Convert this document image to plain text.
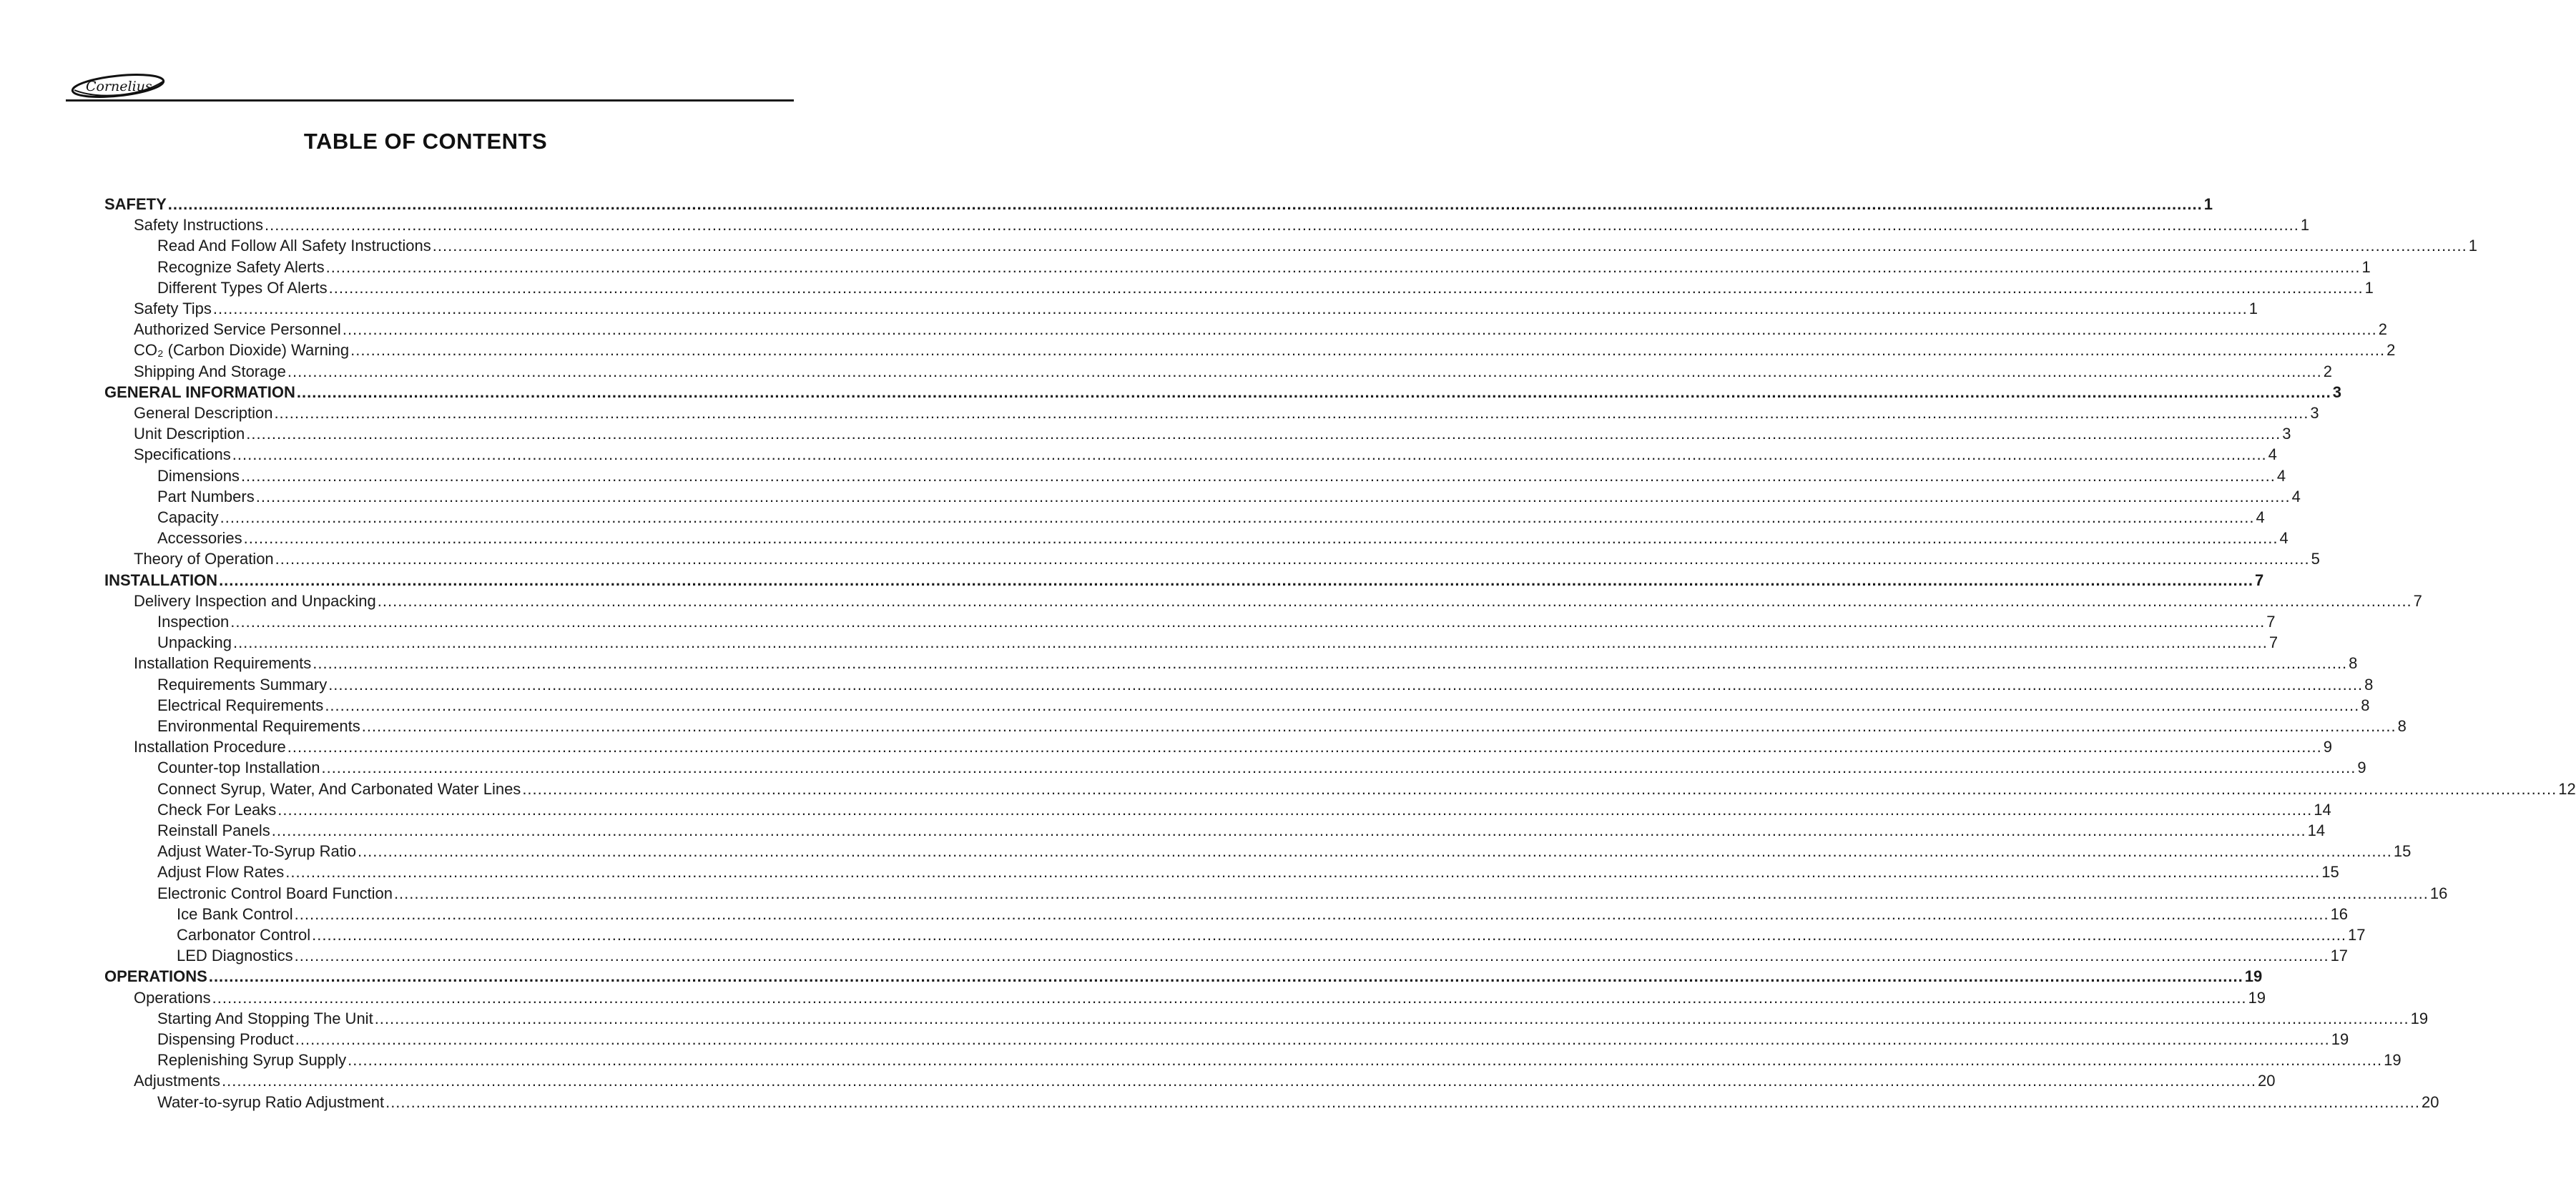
Cornelius
TABLE OF CONTENTS
SAFETY ................................................................................................................................................................................................................................................................................................................................................................................................................ 1
Safety Instructions ................................................................................................................................................................................................................................................................................................................................................................................................................ 1
Read And Follow All Safety Instructions ................................................................................................................................................................................................................................................................................................................................................................................................................ 1
Recognize Safety Alerts ................................................................................................................................................................................................................................................................................................................................................................................................................ 1
Different Types Of Alerts ................................................................................................................................................................................................................................................................................................................................................................................................................ 1
Safety Tips ................................................................................................................................................................................................................................................................................................................................................................................................................ 1
Authorized Service Personnel ................................................................................................................................................................................................................................................................................................................................................................................................................ 2
CO₂ (Carbon Dioxide) Warning ................................................................................................................................................................................................................................................................................................................................................................................................................ 2
Shipping And Storage ................................................................................................................................................................................................................................................................................................................................................................................................................ 2
GENERAL INFORMATION ................................................................................................................................................................................................................................................................................................................................................................................................................ 3
General Description ................................................................................................................................................................................................................................................................................................................................................................................................................ 3
Unit Description ................................................................................................................................................................................................................................................................................................................................................................................................................ 3
Specifications ................................................................................................................................................................................................................................................................................................................................................................................................................ 4
Dimensions ................................................................................................................................................................................................................................................................................................................................................................................................................ 4
Part Numbers ................................................................................................................................................................................................................................................................................................................................................................................................................ 4
Capacity ................................................................................................................................................................................................................................................................................................................................................................................................................ 4
Accessories ................................................................................................................................................................................................................................................................................................................................................................................................................ 4
Theory of Operation ................................................................................................................................................................................................................................................................................................................................................................................................................ 5
INSTALLATION ................................................................................................................................................................................................................................................................................................................................................................................................................ 7
Delivery Inspection and Unpacking ................................................................................................................................................................................................................................................................................................................................................................................................................ 7
Inspection ................................................................................................................................................................................................................................................................................................................................................................................................................ 7
Unpacking ................................................................................................................................................................................................................................................................................................................................................................................................................ 7
Installation Requirements ................................................................................................................................................................................................................................................................................................................................................................................................................ 8
Requirements Summary ................................................................................................................................................................................................................................................................................................................................................................................................................ 8
Electrical Requirements ................................................................................................................................................................................................................................................................................................................................................................................................................ 8
Environmental Requirements ................................................................................................................................................................................................................................................................................................................................................................................................................ 8
Installation Procedure ................................................................................................................................................................................................................................................................................................................................................................................................................ 9
Counter-top Installation ................................................................................................................................................................................................................................................................................................................................................................................................................ 9
Connect Syrup, Water, And Carbonated Water Lines ................................................................................................................................................................................................................................................................................................................................................................................................................ 12
Check For Leaks ................................................................................................................................................................................................................................................................................................................................................................................................................ 14
Reinstall Panels ................................................................................................................................................................................................................................................................................................................................................................................................................ 14
Adjust Water-To-Syrup Ratio ................................................................................................................................................................................................................................................................................................................................................................................................................ 15
Adjust Flow Rates ................................................................................................................................................................................................................................................................................................................................................................................................................ 15
Electronic Control Board Function ................................................................................................................................................................................................................................................................................................................................................................................................................ 16
Ice Bank Control ................................................................................................................................................................................................................................................................................................................................................................................................................ 16
Carbonator Control ................................................................................................................................................................................................................................................................................................................................................................................................................ 17
LED Diagnostics ................................................................................................................................................................................................................................................................................................................................................................................................................ 17
OPERATIONS ................................................................................................................................................................................................................................................................................................................................................................................................................ 19
Operations ................................................................................................................................................................................................................................................................................................................................................................................................................ 19
Starting And Stopping The Unit ................................................................................................................................................................................................................................................................................................................................................................................................................ 19
Dispensing Product ................................................................................................................................................................................................................................................................................................................................................................................................................ 19
Replenishing Syrup Supply ................................................................................................................................................................................................................................................................................................................................................................................................................ 19
Adjustments ................................................................................................................................................................................................................................................................................................................................................................................................................ 20
Water-to-syrup Ratio Adjustment ................................................................................................................................................................................................................................................................................................................................................................................................................ 20
